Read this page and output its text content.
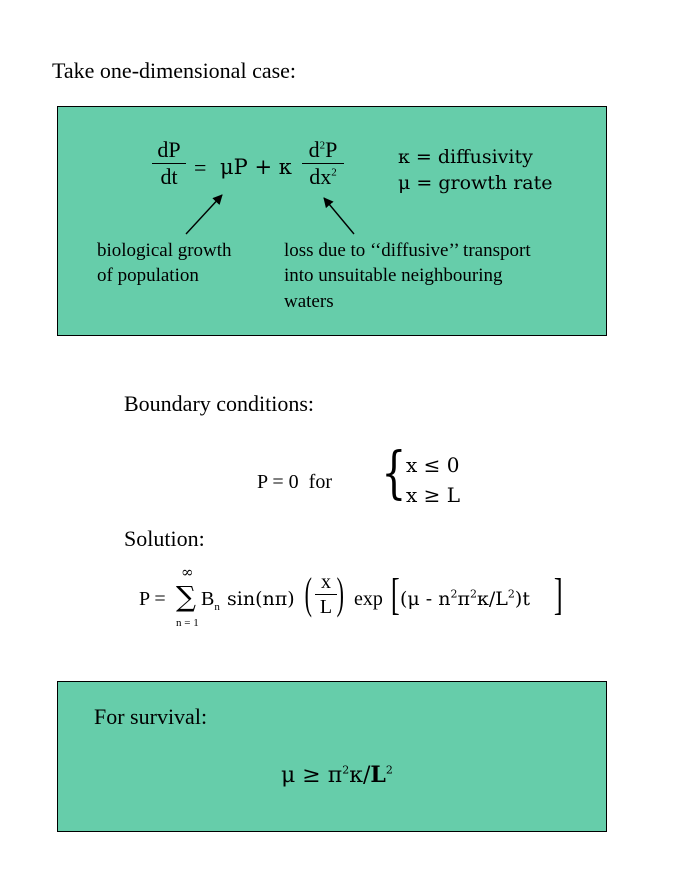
Take one-dimensional case:
dP
dt = μP + κ
$d^2P$
$dx^2$
κ = diffusivity
μ = growth rate
biological growth
of population
loss due to ‘‘diffusive’’ transport
into unsuitable neighbouring
waters
Boundary conditions:
P = 0  for { x ≤ 0
x ≥ L
Solution:
P =
∞
∑
n = 1
$B_n$ sin(nπ) ( x
L ) exp [ $(\mu - n^2\pi^2\kappa/L^2)t$ ]
For survival:
$\mu \ge \pi^2\kappa/L^2$
